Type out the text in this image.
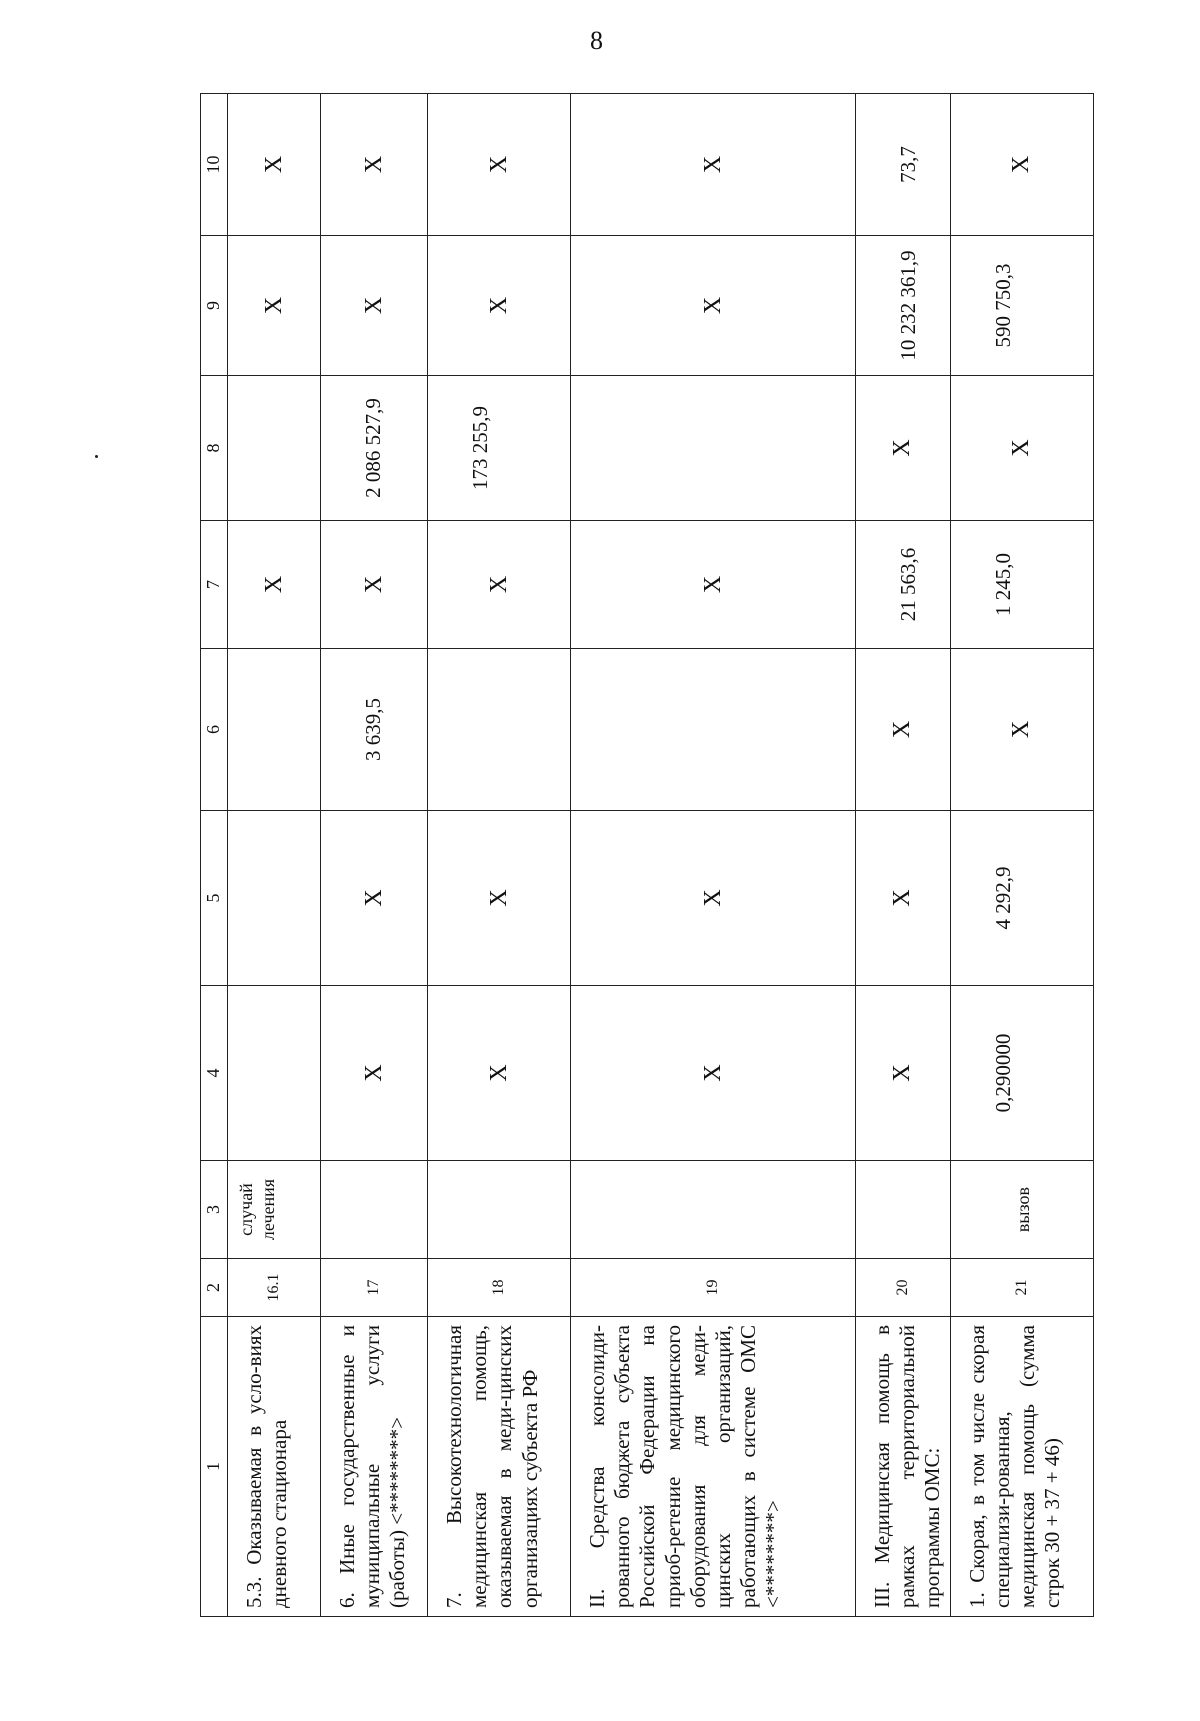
8
1	2	3	4	5	6	7	8	9	10
5.3. Оказываемая в усло-виях дневного стационара	16.1	случай лечения				X		X	X
6. Иные государственные и муниципальные услуги (работы) <********>	17		X	X	3 639,5	X	2 086 527,9	X	X
7. Высокотехнологичная медицинская помощь, оказываемая в меди-цинских организациях субъекта РФ	18		X	X		X	173 255,9	X	X
II. Средства консолиди-рованного бюджета субъекта Российской Федерации на приоб-ретение медицинского оборудования для меди-цинских организаций, работающих в системе ОМС <********>	19		X	X		X		X	X
III. Медицинская помощь в рамках территориальной программы ОМС:	20		X	X	X	21 563,6	X	10 232 361,9	73,7
1. Скорая, в том числе скорая специализи-рованная, медицинская помощь (сумма строк 30 + 37 + 46)	21	вызов	0,290000	4 292,9	X	1 245,0	X	590 750,3	X
